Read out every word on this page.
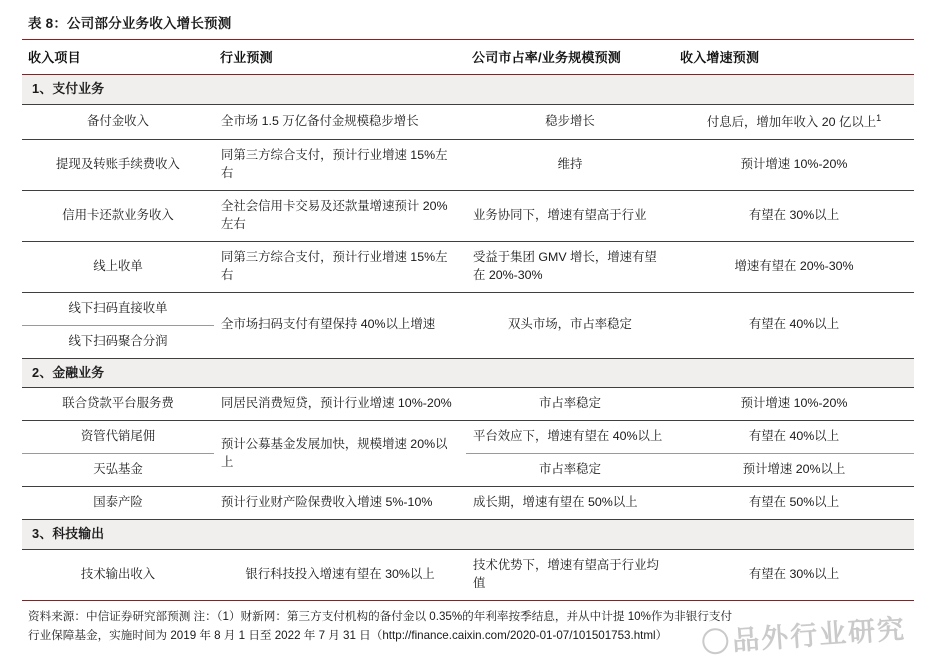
表 8：公司部分业务收入增长预测
收入项目	行业预测	公司市占率/业务规模预测	收入增速预测
1、支付业务			
备付金收入	全市场 1.5 万亿备付金规模稳步增长	稳步增长	付息后，增加年收入 20 亿以上$^1$
提现及转账手续费收入	同第三方综合支付，预计行业增速 15%左右	维持	预计增速 10%-20%
信用卡还款业务收入	全社会信用卡交易及还款量增速预计 20%左右	业务协同下，增速有望高于行业	有望在 30%以上
线上收单	同第三方综合支付，预计行业增速 15%左右	受益于集团 GMV 增长，增速有望在 20%-30%	增速有望在 20%-30%
线下扫码直接收单	全市场扫码支付有望保持 40%以上增速	双头市场，市占率稳定	有望在 40%以上
线下扫码聚合分润			
2、金融业务			
联合贷款平台服务费	同居民消费短贷，预计行业增速 10%-20%	市占率稳定	预计增速 10%-20%
资管代销尾佣	预计公募基金发展加快，规模增速 20%以上	平台效应下，增速有望在 40%以上	有望在 40%以上
天弘基金		市占率稳定	预计增速 20%以上
国泰产险	预计行业财产险保费收入增速 5%-10%	成长期，增速有望在 50%以上	有望在 50%以上
3、科技输出			
技术输出收入	银行科技投入增速有望在 30%以上	技术优势下，增速有望高于行业均值	有望在 30%以上
资料来源：中信证券研究部预测 注：（1）财新网：第三方支付机构的备付金以 0.35%的年利率按季结息，并从中计提 10%作为非银行支付
行业保障基金，实施时间为 2019 年 8 月 1 日至 2022 年 7 月 31 日（http://finance.caixin.com/2020-01-07/101501753.html）	品外行业研究
